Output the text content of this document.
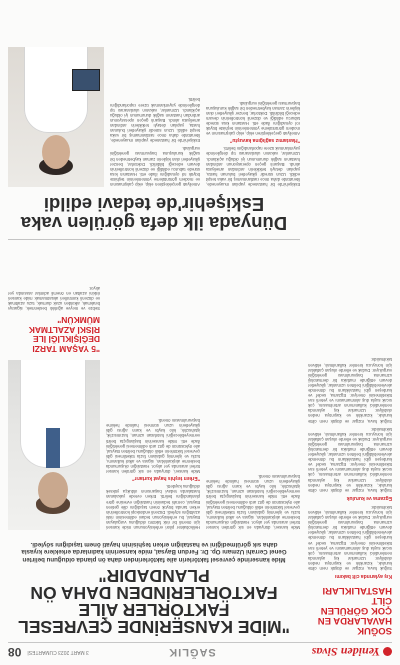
Yeniden Sivas
SAĞLIK
3 MART 2023 CUMARTESİ
08
SOĞUK HAVALARDA EN ÇOK GÖRÜLEN CİLT HASTALIKLARI
Kış aylarında cilt bakımı
Soğuk hava, rüzgar ve düşük nem ciltte kuruluk, kızarıklık ve kaşıntıya neden olabiliyor. Uzmanlar kış aylarında nemlendirici kullanımının artırılmasını, çok sıcak suyla duş alınmamasını ve yeterli sıvı tüketilmesini öneriyor. Egzama, sedef ve kurdeşen gibi hastalıkların bu dönemde alevlenebildiğini belirten uzmanlar, şikayetler devam ettiğinde mutlaka bir dermatoloji uzmanına başvurulması gerektiğini vurguluyor. Dudak ve ellerde oluşan çatlaklar için koruyucu kremler kullanılmalı, eldiven takılmalıdır.
Egzama ve kuruluk
Soğuk hava, rüzgar ve düşük nem ciltte kuruluk, kızarıklık ve kaşıntıya neden olabiliyor. Uzmanlar kış aylarında nemlendirici kullanımının artırılmasını, çok sıcak suyla duş alınmamasını ve yeterli sıvı tüketilmesini öneriyor. Egzama, sedef ve kurdeşen gibi hastalıkların bu dönemde alevlenebildiğini belirten uzmanlar, şikayetler devam ettiğinde mutlaka bir dermatoloji uzmanına başvurulması gerektiğini vurguluyor. Dudak ve ellerde oluşan çatlaklar için koruyucu kremler kullanılmalı, eldiven takılmalıdır.
Soğuk hava, rüzgar ve düşük nem ciltte kuruluk, kızarıklık ve kaşıntıya neden olabiliyor. Uzmanlar kış aylarında nemlendirici kullanımının artırılmasını, çok sıcak suyla duş alınmamasını ve yeterli sıvı tüketilmesini öneriyor. Egzama, sedef ve kurdeşen gibi hastalıkların bu dönemde alevlenebildiğini belirten uzmanlar, şikayetler devam ettiğinde mutlaka bir dermatoloji uzmanına başvurulması gerektiğini vurguluyor. Dudak ve ellerde oluşan çatlaklar için koruyucu kremler kullanılmalı, eldiven takılmalıdır.
"MİDE KANSERİNDE ÇEVRESEL FAKTÖRLER AİLE FAKTÖRLERİNDEN DAHA ÖN PLANDADIR"
Mide kanserinde çevresel faktörlerin aile faktörlerinden daha ön planda olduğunu belirten Genel Cerrahi Uzmanı Op. Dr. Ferdun Baysal, mide kanserinin kadınlarda erkeklere kıyasla daha sık görülmediğini ve hastalığın erken teşhisinin hayati önem taşıdığını söyledi.
Mide kanseri, dünyada en sık görülen kanser türleri arasında yer alıyor. Hastalığın oluşumunda beslenme alışkanlıkları, sigara ve alkol kullanımı, tuzlu ve işlenmiş gıdaların fazla tüketilmesi gibi çevresel faktörlerin etkili olduğunu belirten Baysal, aile öyküsünün de göz ardı edilmemesi gerektiğini ifade etti. Mide kanserinin başlangıçta belirti vermeyebileceğini hatırlatan uzman, hazımsızlık, iştahsızlık, kilo kaybı ve karın ağrısı gibi şikayetlerin uzun sürmesi halinde hekime başvurulmasını önerdi.
Helikobakter pilori enfeksiyonunun mide kanseri için önemli bir risk faktörü olduğunu vurgulayan Baysal, bu enfeksiyonun tedavi edilmesinin riski azalttığını söyledi. Düzenli endoskopi kontrollerinin erken tanıda büyük önem taşıdığını dile getiren Baysal, cerrahi tedavinin hastalığın evresine göre planlandığını belirtti. Erken evrede yakalanan hastalarda tedavi başarısının oldukça yüksek olduğunu kaydetti.
"Erken teşhis hayat kurtarır"
Mide kanseri, dünyada en sık görülen kanser türleri arasında yer alıyor. Hastalığın oluşumunda beslenme alışkanlıkları, sigara ve alkol kullanımı, tuzlu ve işlenmiş gıdaların fazla tüketilmesi gibi çevresel faktörlerin etkili olduğunu belirten Baysal, aile öyküsünün de göz ardı edilmemesi gerektiğini ifade etti. Mide kanserinin başlangıçta belirti vermeyebileceğini hatırlatan uzman, hazımsızlık, iştahsızlık, kilo kaybı ve karın ağrısı gibi şikayetlerin uzun sürmesi halinde hekime başvurulmasını önerdi.
"5 YAŞAM TARZI DEĞİŞİKLİĞİ İLE RİSKİ AZALTMAK MÜMKÜN"
Sebze ve meyve ağırlıklı beslenmek, sigarayı bırakmak, alkolden uzak durmak, tuzu azaltmak ve düzenli kontrolleri aksatmamak mide kanseri riskini azaltan en önemli adımlar arasında yer alıyor.
Dünyada ilk defa görülen vaka Eskişehir'de tedavi edildi
Eskişehir'de bir hastanede yapılan muayenede, literatürde daha önce rastlanmamış bir vaka tespit edildi. Uzun süredir şikayetleri bulunan hasta, yapılan detaylı tetkiklerin ardından ameliyata alındı. Başarılı geçen operasyonun ardından hastanın sağlık durumunun iyi olduğu açıklandı. Uzmanlar, vakanın uluslararası tıp dergilerinde yayımlanmak üzere raporlandığını belirtti.
"Hastamız sağlığına kavuştu"
Ameliyatı gerçekleştiren ekip, ekip çalışmasının ve modern görüntüleme yöntemlerinin teşhiste büyük rol oynadığını ifade etti. Hastanın kısa sürede taburcu edildiği ve düzenli kontrollerinin devam edeceği bildirildi. Doktorlar, benzer şikayetleri olan kişilerin zaman kaybetmeden bir sağlık kuruluşuna başvurması gerektiğini vurguladı.
Ameliyatı gerçekleştiren ekip, ekip çalışmasının ve modern görüntüleme yöntemlerinin teşhiste büyük rol oynadığını ifade etti. Hastanın kısa sürede taburcu edildiği ve düzenli kontrollerinin devam edeceği bildirildi. Doktorlar, benzer şikayetleri olan kişilerin zaman kaybetmeden bir sağlık kuruluşuna başvurması gerektiğini vurguladı.
Eskişehir'de bir hastanede yapılan muayenede, literatürde daha önce rastlanmamış bir vaka tespit edildi. Uzun süredir şikayetleri bulunan hasta, yapılan detaylı tetkiklerin ardından ameliyata alındı. Başarılı geçen operasyonun ardından hastanın sağlık durumunun iyi olduğu açıklandı. Uzmanlar, vakanın uluslararası tıp dergilerinde yayımlanmak üzere raporlandığını belirtti.
